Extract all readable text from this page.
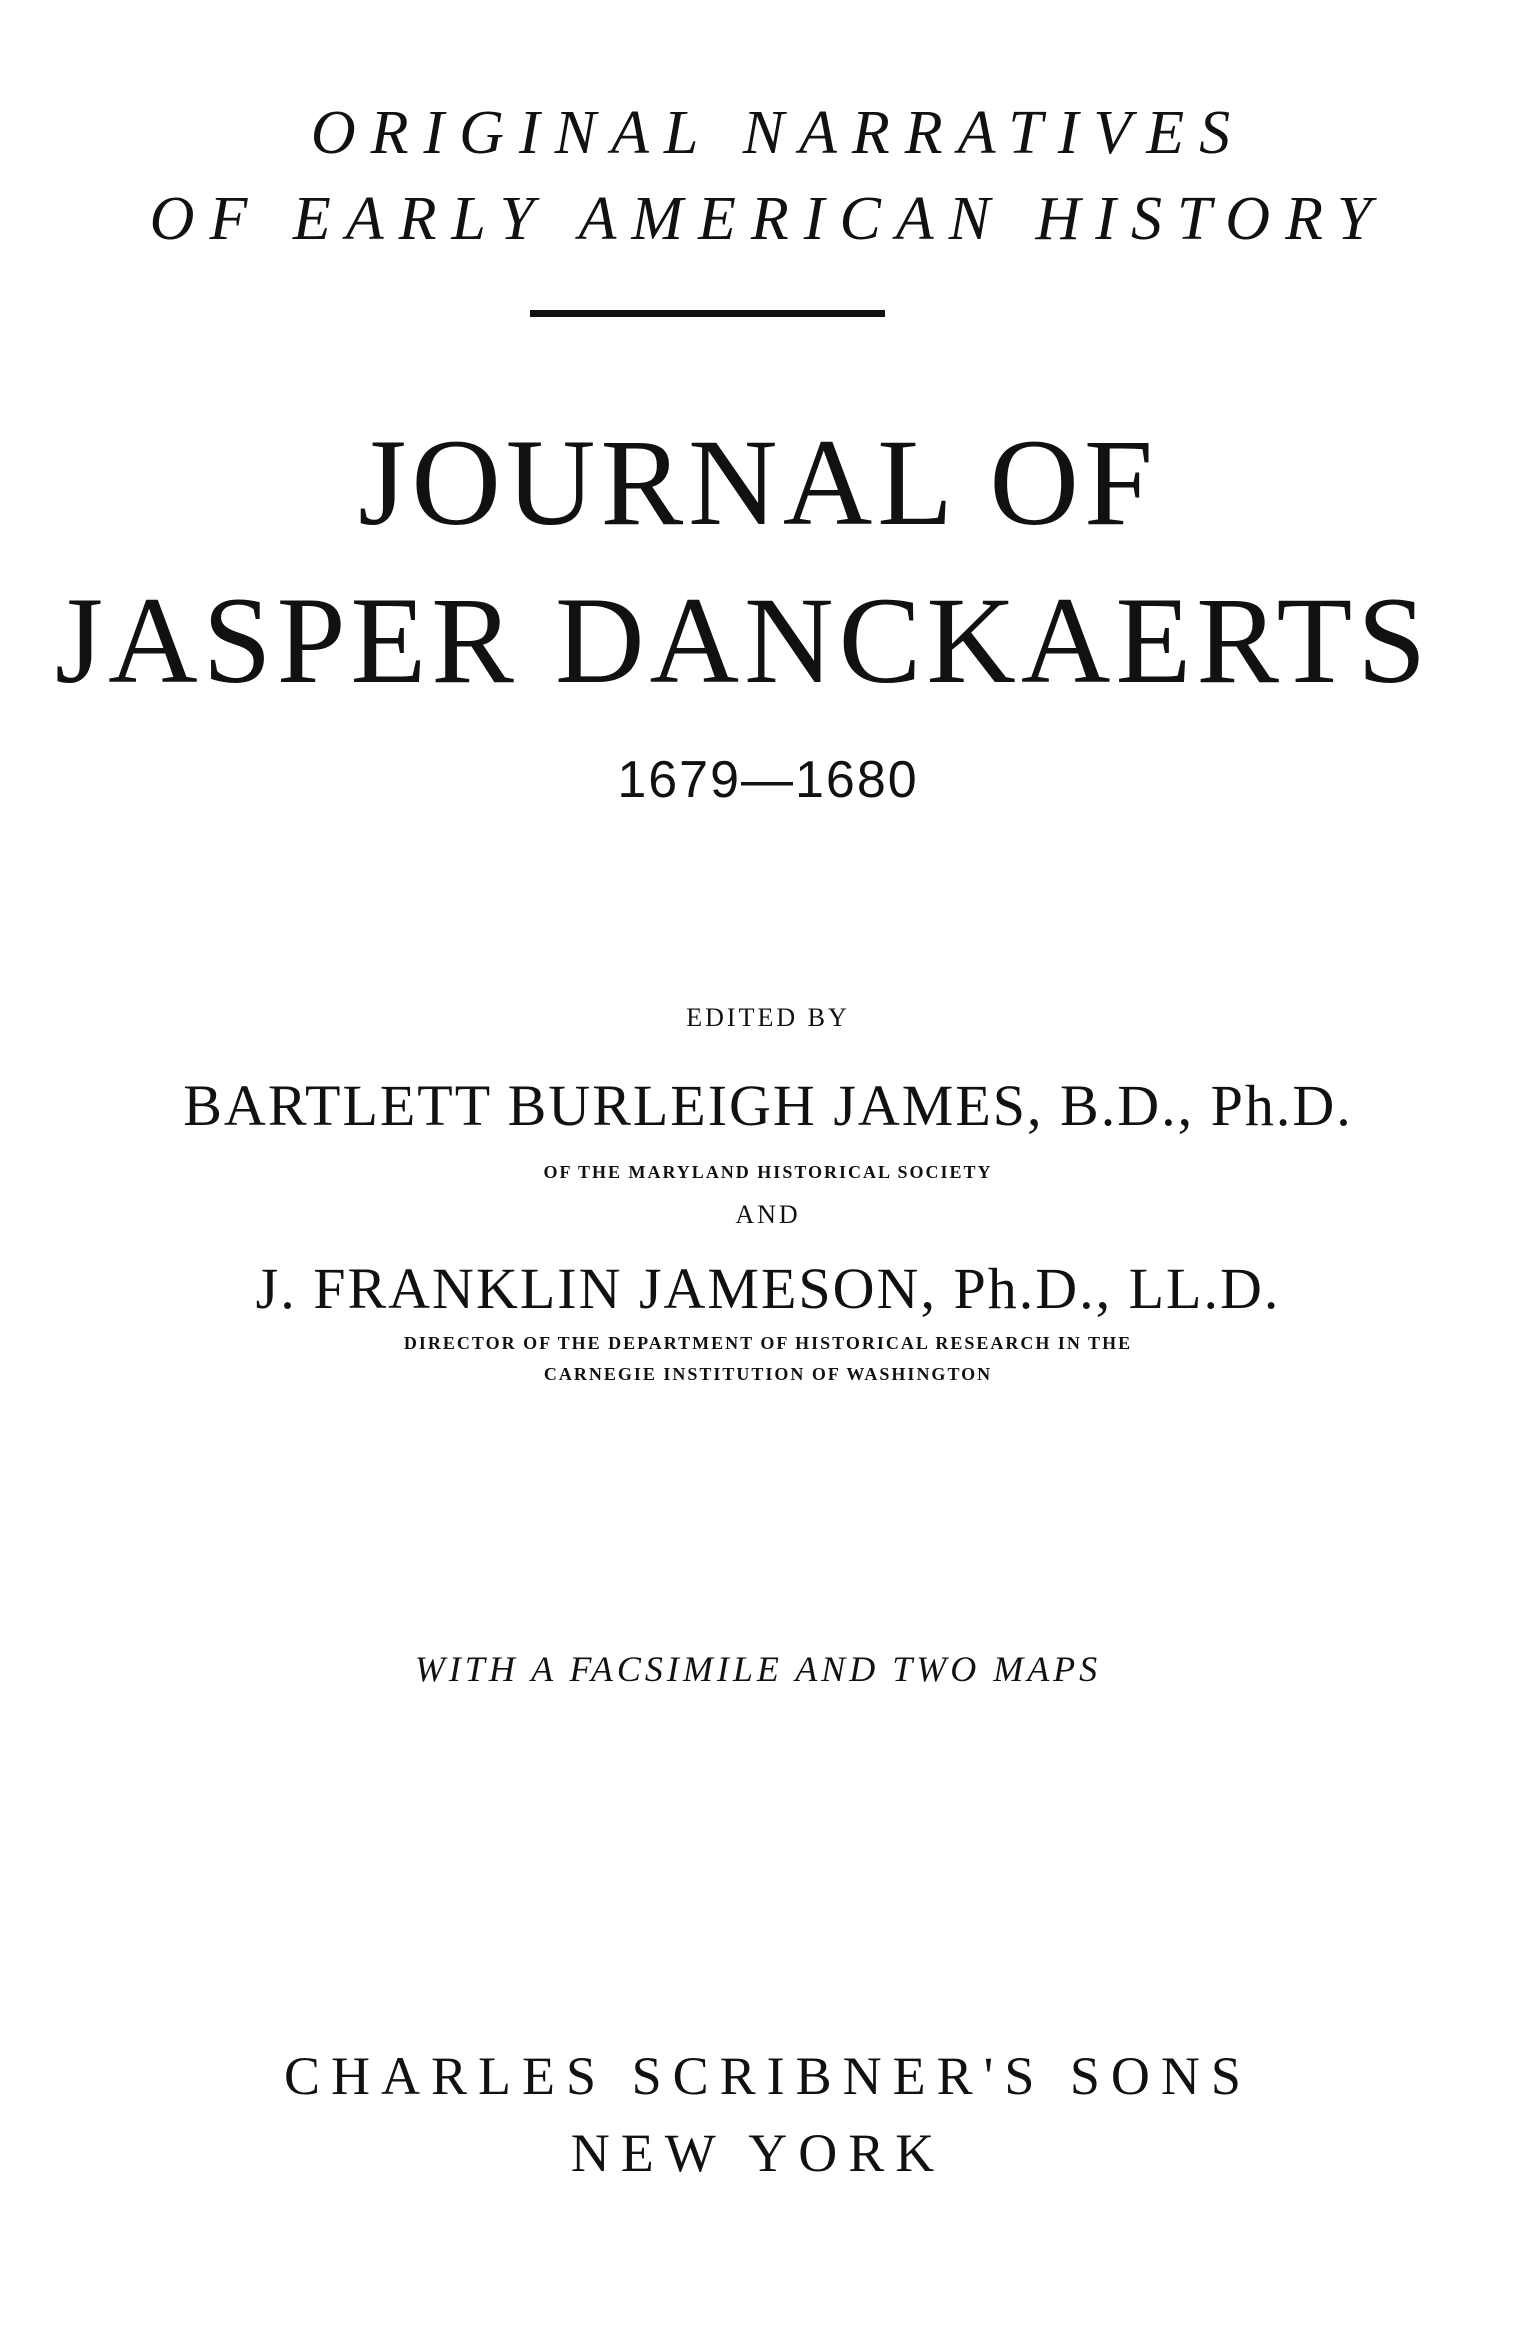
ORIGINAL NARRATIVES
OF EARLY AMERICAN HISTORY
JOURNAL OF
JASPER DANCKAERTS
1679—1680
EDITED BY
BARTLETT BURLEIGH JAMES, B.D., Ph.D.
OF THE MARYLAND HISTORICAL SOCIETY
AND
J. FRANKLIN JAMESON, Ph.D., LL.D.
DIRECTOR OF THE DEPARTMENT OF HISTORICAL RESEARCH IN THE
CARNEGIE INSTITUTION OF WASHINGTON
WITH A FACSIMILE AND TWO MAPS
CHARLES SCRIBNER'S SONS
NEW YORK
